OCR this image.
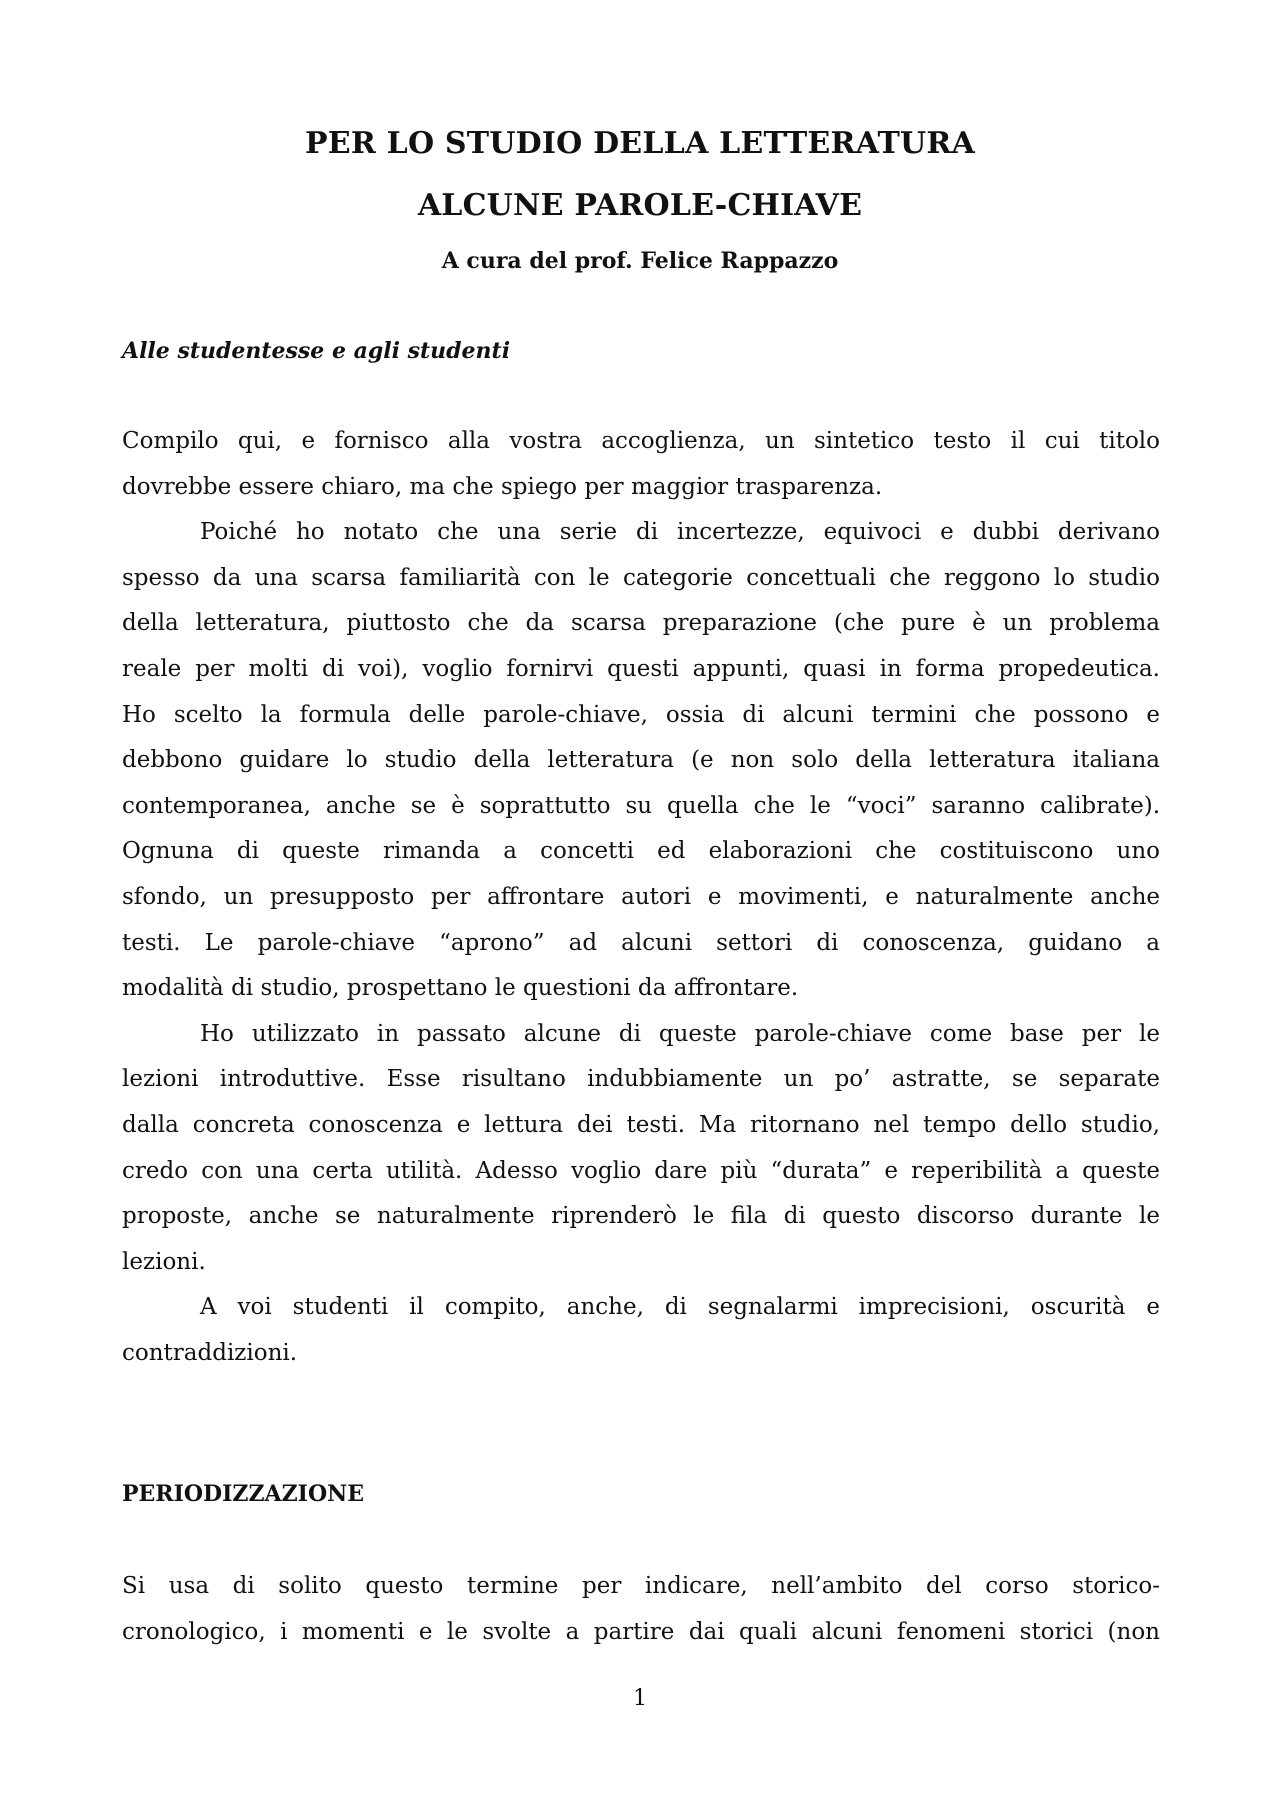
PER LO STUDIO DELLA LETTERATURA
ALCUNE PAROLE-CHIAVE

A cura del prof. Felice Rappazzo

Alle studentesse e agli studenti
Compilo qui, e fornisco alla vostra accoglienza, un sintetico testo il cui titolo
dovrebbe essere chiaro, ma che spiego per maggior trasparenza.
Poiché ho notato che una serie di incertezze, equivoci e dubbi derivano
spesso da una scarsa familiarità con le categorie concettuali che reggono lo studio
della letteratura, piuttosto che da scarsa preparazione (che pure è un problema
reale per molti di voi), voglio fornirvi questi appunti, quasi in forma propedeutica.
Ho scelto la formula delle parole-chiave, ossia di alcuni termini che possono e
debbono guidare lo studio della letteratura (e non solo della letteratura italiana
contemporanea, anche se è soprattutto su quella che le “voci” saranno calibrate).
Ognuna di queste rimanda a concetti ed elaborazioni che costituiscono uno
sfondo, un presupposto per affrontare autori e movimenti, e naturalmente anche
testi. Le parole-chiave “aprono” ad alcuni settori di conoscenza, guidano a
modalità di studio, prospettano le questioni da affrontare.
Ho utilizzato in passato alcune di queste parole-chiave come base per le
lezioni introduttive. Esse risultano indubbiamente un po’ astratte, se separate
dalla concreta conoscenza e lettura dei testi. Ma ritornano nel tempo dello studio,
credo con una certa utilità. Adesso voglio dare più “durata” e reperibilità a queste
proposte, anche se naturalmente riprenderò le fila di questo discorso durante le
lezioni.
A voi studenti il compito, anche, di segnalarmi imprecisioni, oscurità e
contraddizioni.
PERIODIZZAZIONE
Si usa di solito questo termine per indicare, nell’ambito del corso storico-
cronologico, i momenti e le svolte a partire dai quali alcuni fenomeni storici (non

1
